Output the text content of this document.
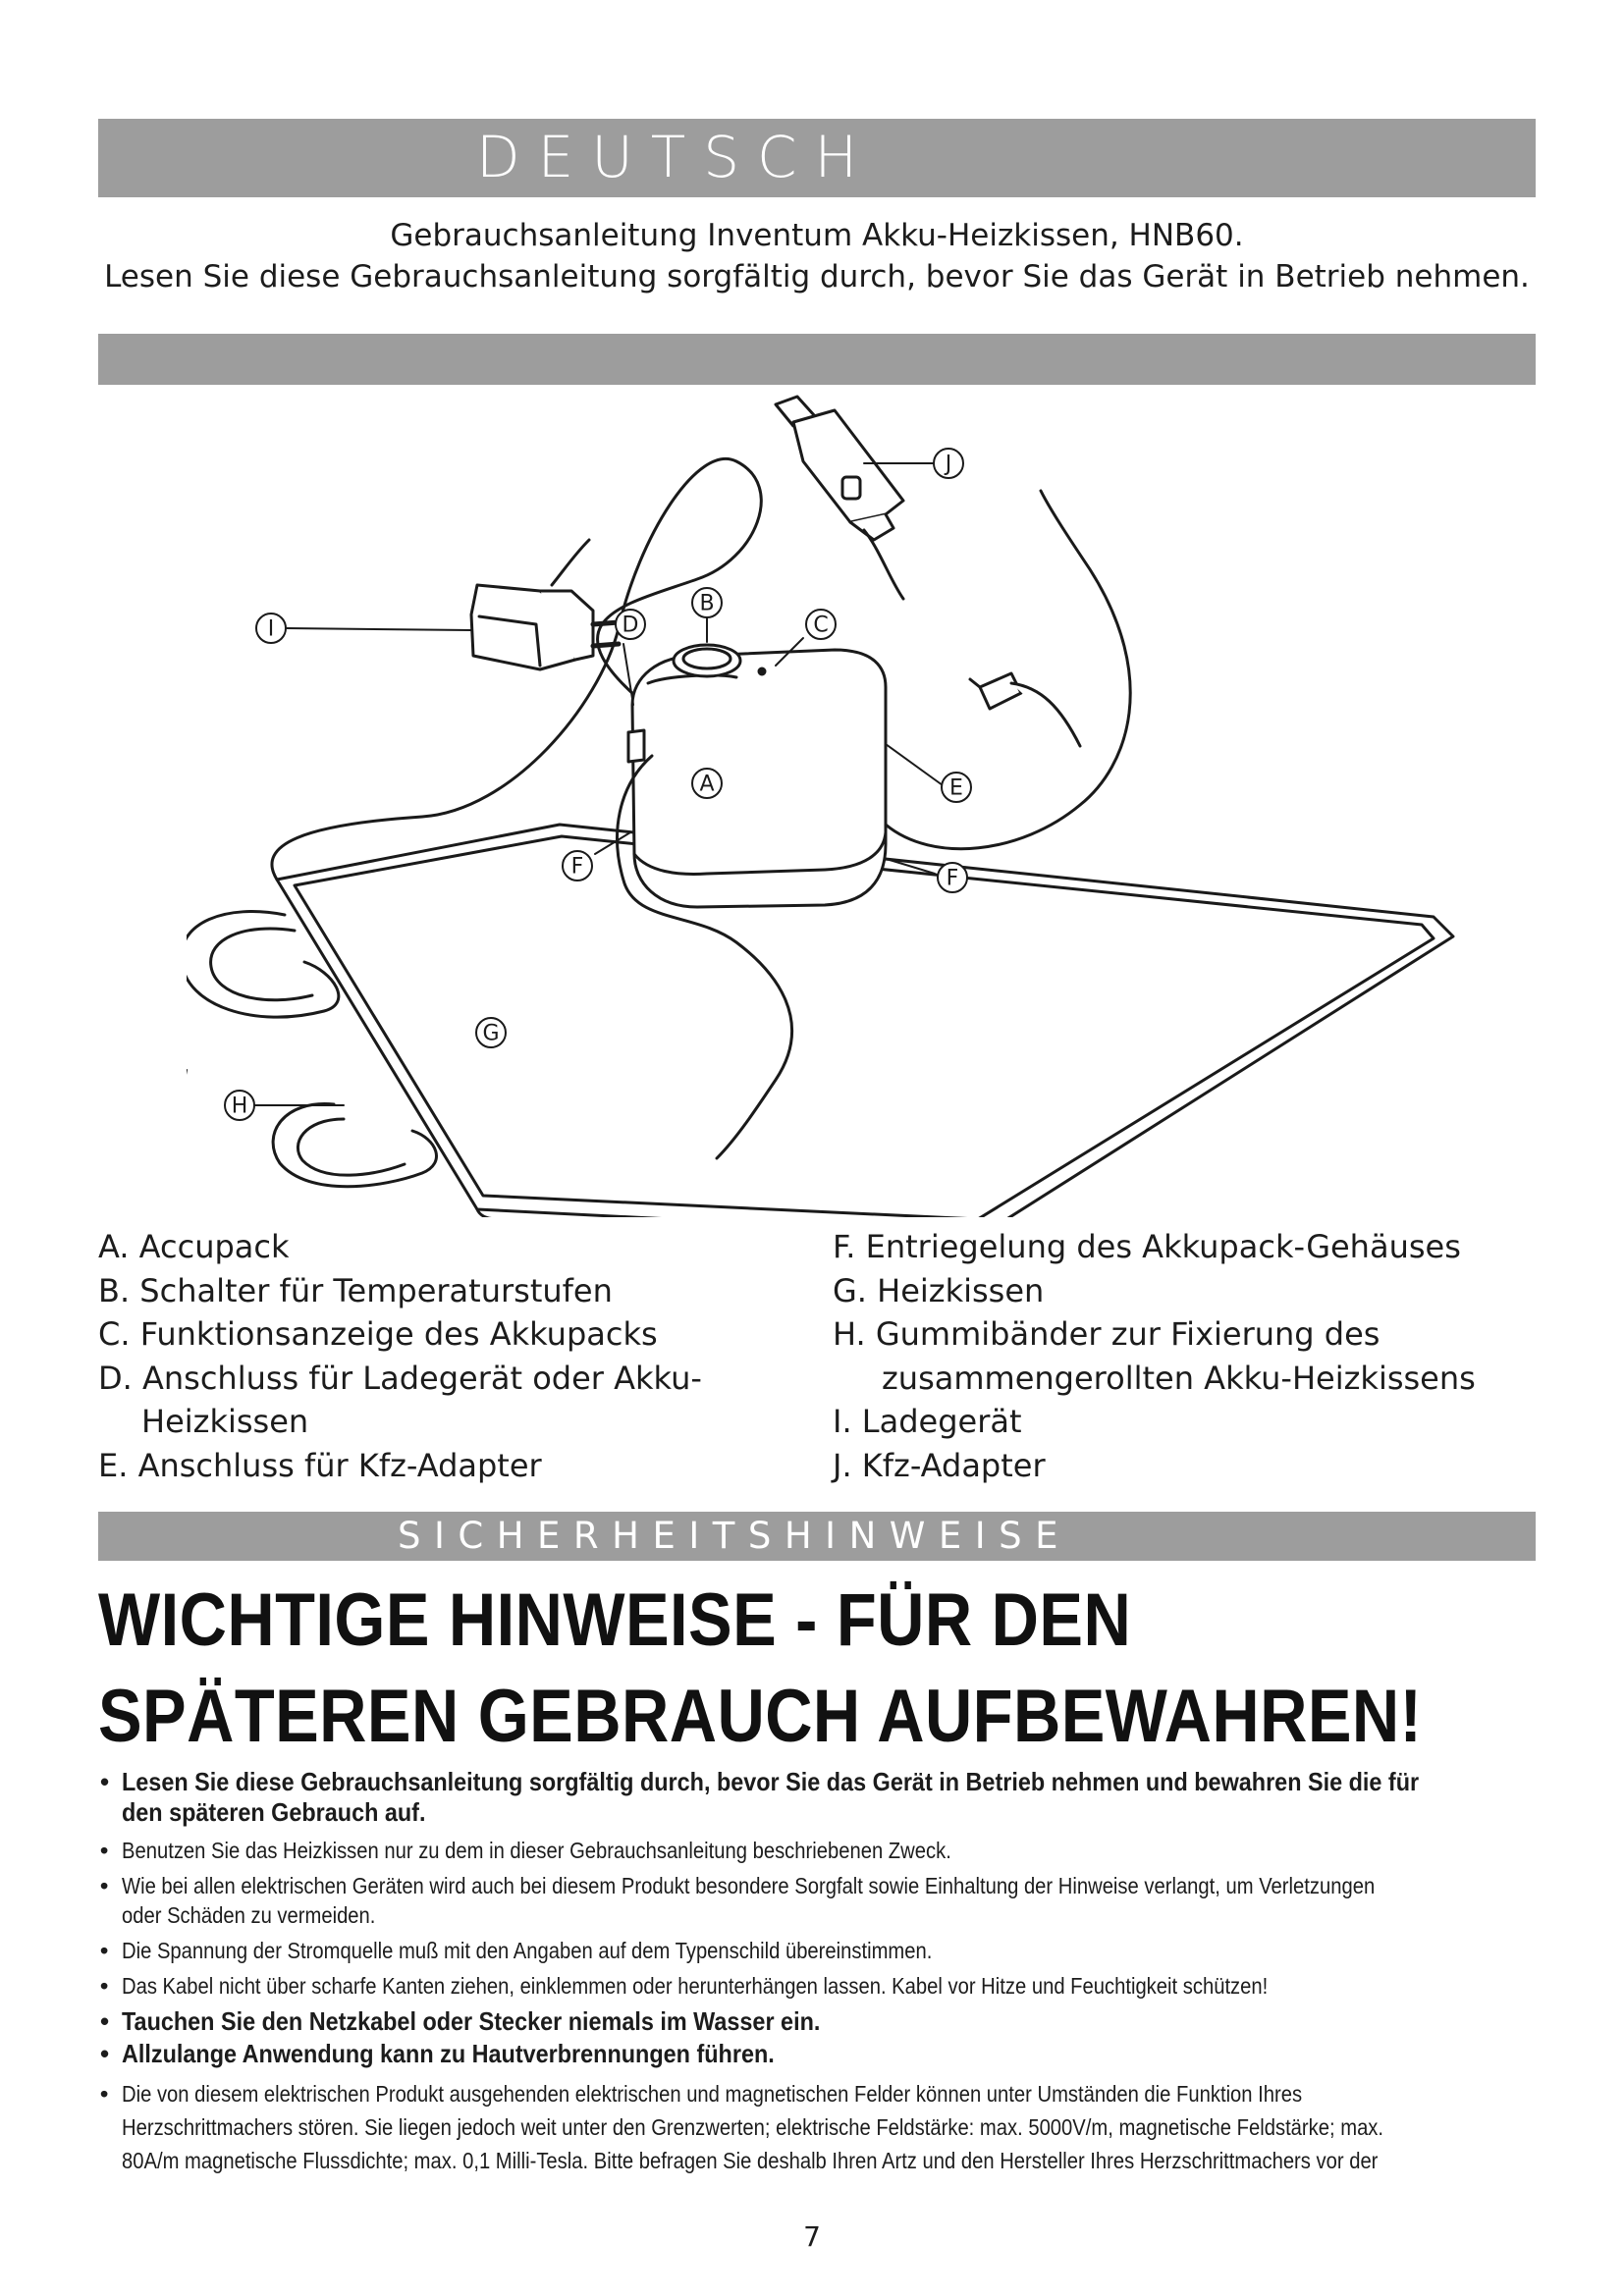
DEUTSCH
Gebrauchsanleitung Inventum Akku-Heizkissen, HNB60.
Lesen Sie diese Gebrauchsanleitung sorgfältig durch, bevor Sie das Gerät in Betrieb nehmen.
A
B
C
D
E
F	F
G
H
I
J
A. Accupack
B. Schalter für Temperaturstufen
C. Funktionsanzeige des Akkupacks
D. Anschluss für Ladegerät oder Akku-
Heizkissen
E. Anschluss für Kfz-Adapter
F. Entriegelung des Akkupack-Gehäuses
G. Heizkissen
H. Gummibänder zur Fixierung des
zusammengerollten Akku-Heizkissens
I. Ladegerät
J. Kfz-Adapter
SICHERHEITSHINWEISE
WICHTIGE HINWEISE - FÜR DEN
SPÄTEREN GEBRAUCH AUFBEWAHREN!
• Lesen Sie diese Gebrauchsanleitung sorgfältig durch, bevor Sie das Gerät in Betrieb nehmen und bewahren Sie die für
den späteren Gebrauch auf.
• Benutzen Sie das Heizkissen nur zu dem in dieser Gebrauchsanleitung beschriebenen Zweck.
• Wie bei allen elektrischen Geräten wird auch bei diesem Produkt besondere Sorgfalt sowie Einhaltung der Hinweise verlangt, um Verletzungen
oder Schäden zu vermeiden.
• Die Spannung der Stromquelle muß mit den Angaben auf dem Typenschild übereinstimmen.
• Das Kabel nicht über scharfe Kanten ziehen, einklemmen oder herunterhängen lassen. Kabel vor Hitze und Feuchtigkeit schützen!
• Tauchen Sie den Netzkabel oder Stecker niemals im Wasser ein.
• Allzulange Anwendung kann zu Hautverbrennungen führen.
• Die von diesem elektrischen Produkt ausgehenden elektrischen und magnetischen Felder können unter Umständen die Funktion Ihres
Herzschrittmachers stören. Sie liegen jedoch weit unter den Grenzwerten; elektrische Feldstärke: max. 5000V/m, magnetische Feldstärke; max.
80A/m magnetische Flussdichte; max. 0,1 Milli-Tesla. Bitte befragen Sie deshalb Ihren Artz und den Hersteller Ihres Herzschrittmachers vor der
7
